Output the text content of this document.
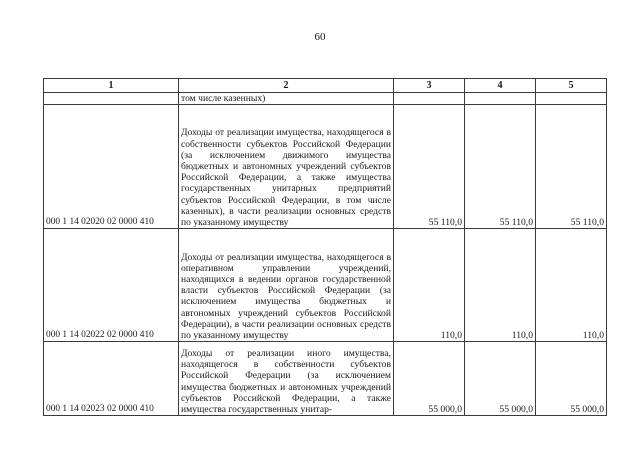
60
1	2	3	4	5
	том числе казенных)			
000 1 14 02020 02 0000 410	Доходы от реализации имущества, находящегося в собственности субъектов Российской Федерации (за исключением движимого имущества бюджетных и автономных учреждений субъектов Российской Федерации, а также имущества государственных унитарных предприятий субъектов Российской Федерации, в том числе казенных), в части реализации основных средств по указанному имуществу	55 110,0	55 110,0	55 110,0
000 1 14 02022 02 0000 410	Доходы от реализации имущества, находящегося в оперативном управлении учреждений, находящихся в ведении органов государственной власти субъектов Российской Федерации (за исключением имущества бюджетных и автономных учреждений субъектов Российской Федерации), в части реализации основных средств по указанному имуществу	110,0	110,0	110,0
000 1 14 02023 02 0000 410	Доходы от реализации иного имущества, находящегося в собственности субъектов Российской Федерации (за исключением имущества бюджетных и автономных учреждений субъектов Российской Федерации, а также имущества государственных унитар-	55 000,0	55 000,0	55 000,0
